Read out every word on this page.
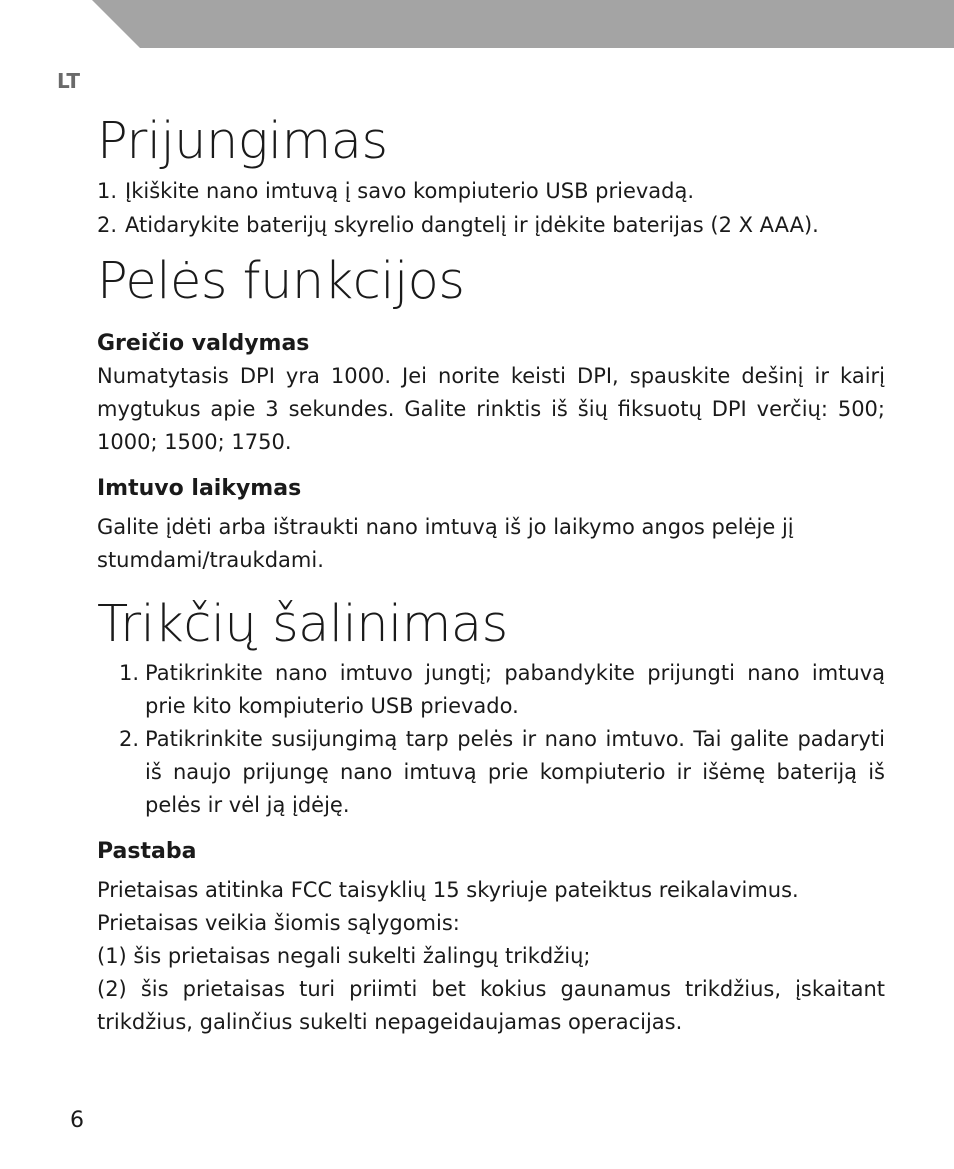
LT
Prijungimas
1. Įkiškite nano imtuvą į savo kompiuterio USB prievadą.
2. Atidarykite baterijų skyrelio dangtelį ir įdėkite baterijas (2 X AAA).
Pelės funkcijos
Greičio valdymas

Numatytasis DPI yra 1000. Jei norite keisti DPI, spauskite dešinį ir kairį mygtukus apie 3 sekundes. Galite rinktis iš šių fiksuotų DPI verčių: 500; 1000; 1500; 1750.

Imtuvo laikymas

Galite įdėti arba ištraukti nano imtuvą iš jo laikymo angos pelėje jį stumdami/traukdami.

Trikčių šalinimas
1. Patikrinkite nano imtuvo jungtį; pabandykite prijungti nano imtuvą prie kito kompiuterio USB prievado.
2. Patikrinkite susijungimą tarp pelės ir nano imtuvo. Tai galite padaryti iš naujo prijungę nano imtuvą prie kompiuterio ir išėmę bateriją iš pelės ir vėl ją įdėję.
Pastaba

Prietaisas atitinka FCC taisyklių 15 skyriuje pateiktus reikalavimus.

Prietaisas veikia šiomis sąlygomis:

(1) šis prietaisas negali sukelti žalingų trikdžių;

(2) šis prietaisas turi priimti bet kokius gaunamus trikdžius, įskaitant trikdžius, galinčius sukelti nepageidaujamas operacijas.

6
